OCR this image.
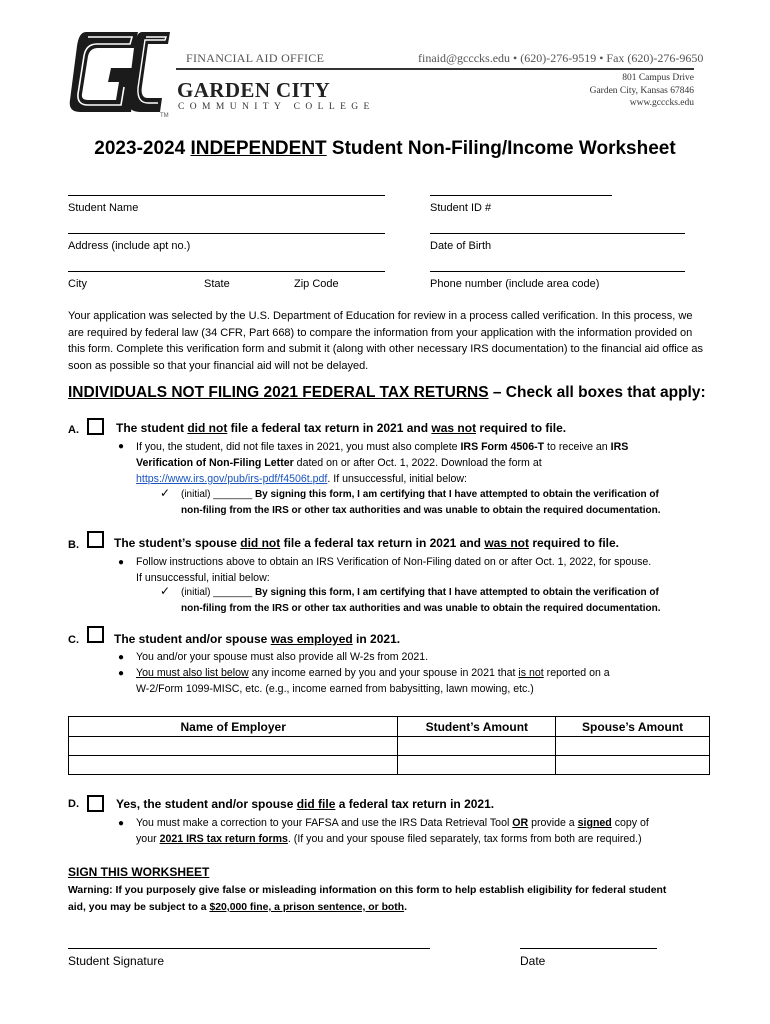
FINANCIAL AID OFFICE	finaid@gcccks.edu • (620)-276-9519 • Fax (620)-276-9650
GARDEN CITY
COMMUNITY COLLEGE
TM
801 Campus Drive
Garden City, Kansas 67846
www.gcccks.edu
2023-2024 INDEPENDENT Student Non-Filing/Income Worksheet
Student Name	Student ID #
Address (include apt no.)	Date of Birth
City	State	Zip Code	Phone number (include area code)
Your application was selected by the U.S. Department of Education for review in a process called verification. In this process, we are required by federal law (34 CFR, Part 668) to compare the information from your application with the information provided on this form. Complete this verification form and submit it (along with other necessary IRS documentation) to the financial aid office as soon as possible so that your financial aid will not be delayed.
INDIVIDUALS NOT FILING 2021 FEDERAL TAX RETURNS – Check all boxes that apply:
A.	The student did not file a federal tax return in 2021 and was not required to file.
● If you, the student, did not file taxes in 2021, you must also complete IRS Form 4506-T to receive an IRS
Verification of Non-Filing Letter dated on or after Oct. 1, 2022. Download the form at
https://www.irs.gov/pub/irs-pdf/f4506t.pdf. If unsuccessful, initial below:
✓ (initial) _______ By signing this form, I am certifying that I have attempted to obtain the verification of
non-filing from the IRS or other tax authorities and was unable to obtain the required documentation.
B.	The student’s spouse did not file a federal tax return in 2021 and was not required to file.
● Follow instructions above to obtain an IRS Verification of Non-Filing dated on or after Oct. 1, 2022, for spouse.
If unsuccessful, initial below:
✓ (initial) _______ By signing this form, I am certifying that I have attempted to obtain the verification of
non-filing from the IRS or other tax authorities and was unable to obtain the required documentation.
C.	The student and/or spouse was employed in 2021.
● You and/or your spouse must also provide all W-2s from 2021.
● You must also list below any income earned by you and your spouse in 2021 that is not reported on a
W-2/Form 1099-MISC, etc. (e.g., income earned from babysitting, lawn mowing, etc.)
Name of Employer	Student’s Amount	Spouse’s Amount

D.	Yes, the student and/or spouse did file a federal tax return in 2021.
● You must make a correction to your FAFSA and use the IRS Data Retrieval Tool OR provide a signed copy of
your 2021 IRS tax return forms. (If you and your spouse filed separately, tax forms from both are required.)
SIGN THIS WORKSHEET
Warning: If you purposely give false or misleading information on this form to help establish eligibility for federal student
aid, you may be subject to a $20,000 fine, a prison sentence, or both.
Student Signature	Date
